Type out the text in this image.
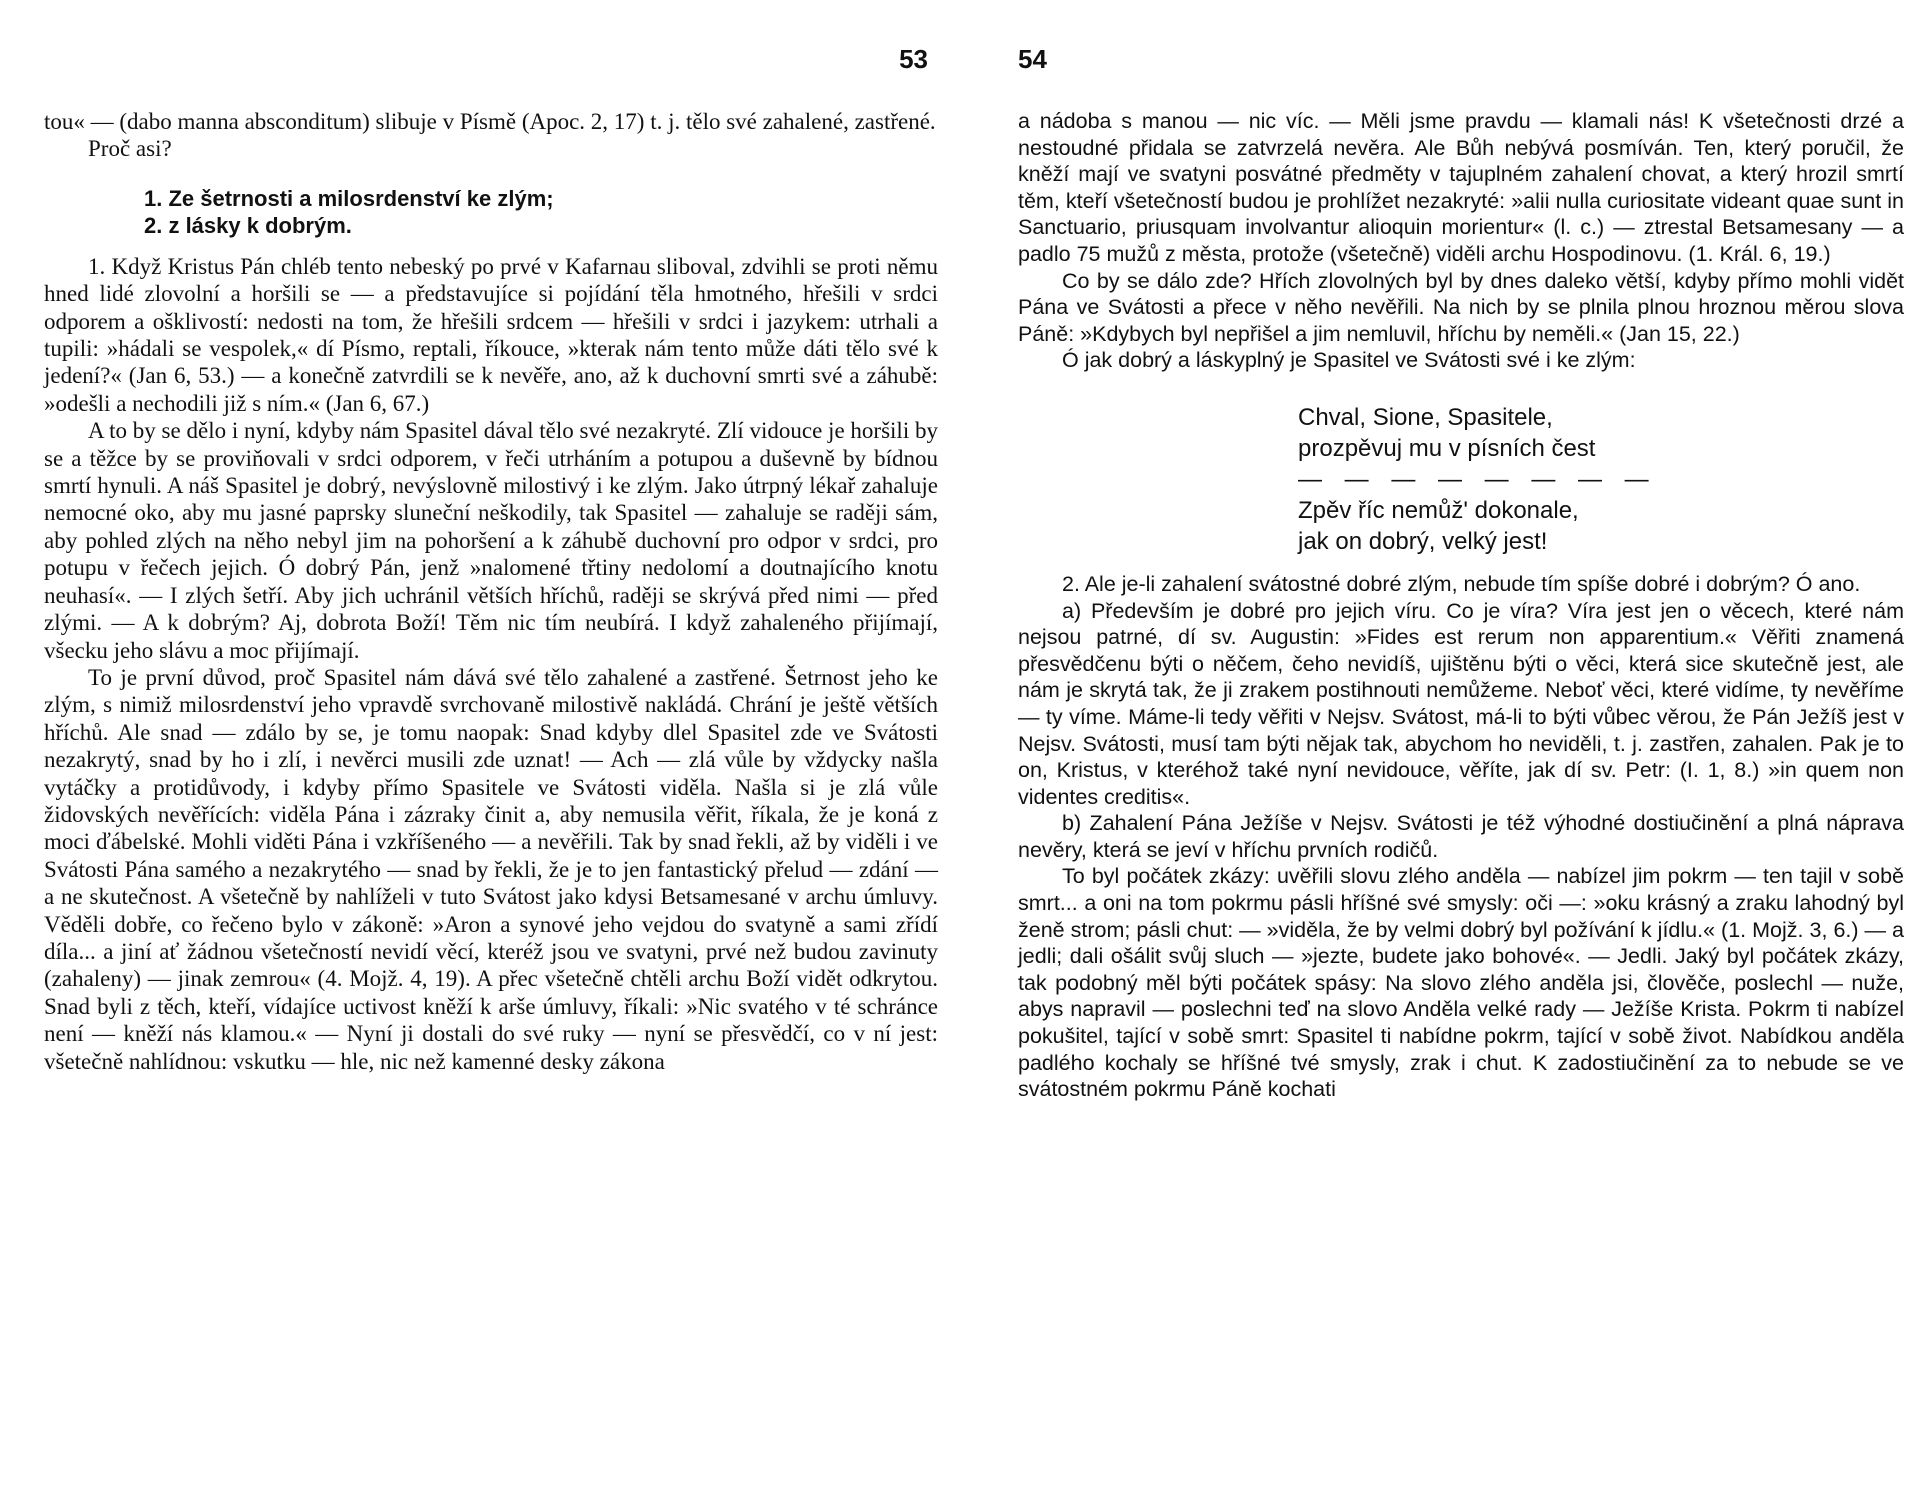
53

tou« — (dabo manna absconditum) slibuje v Písmě (Apoc. 2, 17) t. j. tělo své zahalené, zastřené.

Proč asi?

1. Ze šetrnosti a milosrdenství ke zlým;

2. z lásky k dobrým.

1. Když Kristus Pán chléb tento nebeský po prvé v Kafarnau sliboval, zdvihli se proti němu hned lidé zlovolní a horšili se — a představujíce si pojídání těla hmotného, hřešili v srdci odporem a ošklivostí: nedosti na tom, že hřešili srdcem — hřešili v srdci i jazykem: utrhali a tupili: »hádali se vespolek,« dí Písmo, reptali, říkouce, »kterak nám tento může dáti tělo své k jedení?« (Jan 6, 53.) — a konečně zatvrdili se k nevěře, ano, až k duchovní smrti své a záhubě: »odešli a nechodili již s ním.« (Jan 6, 67.)

A to by se dělo i nyní, kdyby nám Spasitel dával tělo své nezakryté. Zlí vidouce je horšili by se a těžce by se proviňovali v srdci odporem, v řeči utrháním a potupou a duševně by bídnou smrtí hynuli. A náš Spasitel je dobrý, nevýslovně milostivý i ke zlým. Jako útrpný lékař zahaluje nemocné oko, aby mu jasné paprsky sluneční neškodily, tak Spasitel — zahaluje se raději sám, aby pohled zlých na něho nebyl jim na pohoršení a k záhubě duchovní pro odpor v srdci, pro potupu v řečech jejich. Ó dobrý Pán, jenž »nalomené třtiny nedolomí a doutnajícího knotu neuhasí«. — I zlých šetří. Aby jich uchránil větších hříchů, raději se skrývá před nimi — před zlými. — A k dobrým? Aj, dobrota Boží! Těm nic tím neubírá. I když zahaleného přijímají, všecku jeho slávu a moc přijímají.

To je první důvod, proč Spasitel nám dává své tělo zahalené a zastřené. Šetrnost jeho ke zlým, s nimiž milosrdenství jeho vpravdě svrchovaně milostivě nakládá. Chrání je ještě větších hříchů. Ale snad — zdálo by se, je tomu naopak: Snad kdyby dlel Spasitel zde ve Svátosti nezakrytý, snad by ho i zlí, i nevěrci musili zde uznat! — Ach — zlá vůle by vždycky našla vytáčky a protidůvody, i kdyby přímo Spasitele ve Svátosti viděla. Našla si je zlá vůle židovských nevěřících: viděla Pána i zázraky činit a, aby nemusila věřit, říkala, že je koná z moci ďábelské. Mohli viděti Pána i vzkříšeného — a nevěřili. Tak by snad řekli, až by viděli i ve Svátosti Pána samého a nezakrytého — snad by řekli, že je to jen fantastický přelud — zdání — a ne skutečnost. A všetečně by nahlíželi v tuto Svátost jako kdysi Betsamesané v archu úmluvy. Věděli dobře, co řečeno bylo v zákoně: »Aron a synové jeho vejdou do svatyně a sami zřídí díla... a jiní ať žádnou všetečností nevidí věcí, kteréž jsou ve svatyni, prvé než budou zavinuty (zahaleny) — jinak zemrou« (4. Mojž. 4, 19). A přec všetečně chtěli archu Boží vidět odkrytou. Snad byli z těch, kteří, vídajíce uctivost kněží k arše úmluvy, říkali: »Nic svatého v té schránce není — kněží nás klamou.« — Nyní ji dostali do své ruky — nyní se přesvědčí, co v ní jest: všetečně nahlídnou: vskutku — hle, nic než kamenné desky zákona

54

a nádoba s manou — nic víc. — Měli jsme pravdu — klamali nás! K všetečnosti drzé a nestoudné přidala se zatvrzelá nevěra. Ale Bůh nebývá posmíván. Ten, který poručil, že kněží mají ve svatyni posvátné předměty v tajuplném zahalení chovat, a který hrozil smrtí těm, kteří všetečností budou je prohlížet nezakryté: »alii nulla curiositate videant quae sunt in Sanctuario, priusquam involvantur alioquin morientur« (l. c.) — ztrestal Betsamesany — a padlo 75 mužů z města, protože (všetečně) viděli archu Hospodinovu. (1. Král. 6, 19.)

Co by se dálo zde? Hřích zlovolných byl by dnes daleko větší, kdyby přímo mohli vidět Pána ve Svátosti a přece v něho nevěřili. Na nich by se plnila plnou hroznou měrou slova Páně: »Kdybych byl nepřišel a jim nemluvil, hříchu by neměli.« (Jan 15, 22.)

Ó jak dobrý a láskyplný je Spasitel ve Svátosti své i ke zlým:

Chval, Sione, Spasitele,
prozpěvuj mu v písních čest
— — — — — — — —
Zpěv říc nemůž' dokonale,
jak on dobrý, velký jest!

2. Ale je-li zahalení svátostné dobré zlým, nebude tím spíše dobré i dobrým? Ó ano.

a) Především je dobré pro jejich víru. Co je víra? Víra jest jen o věcech, které nám nejsou patrné, dí sv. Augustin: »Fides est rerum non apparentium.« Věřiti znamená přesvědčenu býti o něčem, čeho nevidíš, ujištěnu býti o věci, která sice skutečně jest, ale nám je skrytá tak, že ji zrakem postihnouti nemůžeme. Neboť věci, které vidíme, ty nevěříme — ty víme. Máme-li tedy věřiti v Nejsv. Svátost, má-li to býti vůbec věrou, že Pán Ježíš jest v Nejsv. Svátosti, musí tam býti nějak tak, abychom ho neviděli, t. j. zastřen, zahalen. Pak je to on, Kristus, v kteréhož také nyní nevidouce, věříte, jak dí sv. Petr: (I. 1, 8.) »in quem non videntes creditis«.

b) Zahalení Pána Ježíše v Nejsv. Svátosti je též výhodné dostiučinění a plná náprava nevěry, která se jeví v hříchu prvních rodičů.

To byl počátek zkázy: uvěřili slovu zlého anděla — nabízel jim pokrm — ten tajil v sobě smrt... a oni na tom pokrmu pásli hříšné své smysly: oči —: »oku krásný a zraku lahodný byl ženě strom; pásli chut: — »viděla, že by velmi dobrý byl požívání k jídlu.« (1. Mojž. 3, 6.) — a jedli; dali ošálit svůj sluch — »jezte, budete jako bohové«. — Jedli. Jaký byl počátek zkázy, tak podobný měl býti počátek spásy: Na slovo zlého anděla jsi, člověče, poslechl — nuže, abys napravil — poslechni teď na slovo Anděla velké rady — Ježíše Krista. Pokrm ti nabízel pokušitel, tající v sobě smrt: Spasitel ti nabídne pokrm, tající v sobě život. Nabídkou anděla padlého kochaly se hříšné tvé smysly, zrak i chut. K zadostiučinění za to nebude se ve svátostném pokrmu Páně kochati
